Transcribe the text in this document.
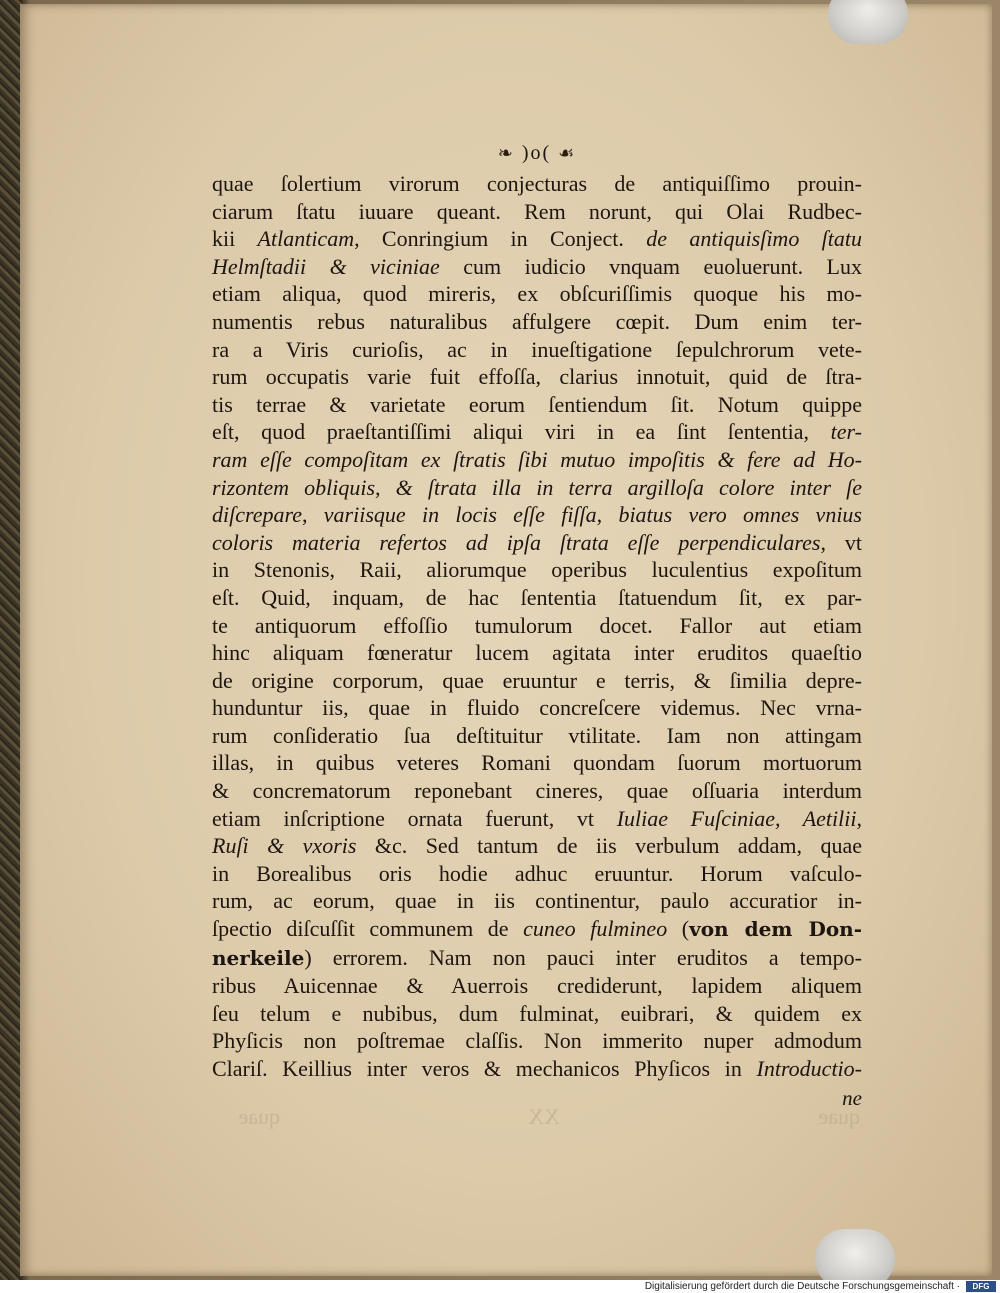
❧ )o( ☙
quae ſolertium virorum conjecturas de antiquiſſimo prouin-
ciarum ſtatu iuuare queant. Rem norunt, qui Olai Rudbec-
kii Atlanticam, Conringium in Conject. de antiquisſimo ſtatu
Helmſtadii & viciniae cum iudicio vnquam euoluerunt. Lux
etiam aliqua, quod mireris, ex obſcuriſſimis quoque his mo-
numentis rebus naturalibus affulgere cœpit. Dum enim ter-
ra a Viris curioſis, ac in inueſtigatione ſepulchrorum vete-
rum occupatis varie fuit effoſſa, clarius innotuit, quid de ſtra-
tis terrae & varietate eorum ſentiendum ſit. Notum quippe
eſt, quod praeſtantiſſimi aliqui viri in ea ſint ſententia, ter-
ram eſſe compoſitam ex ſtratis ſibi mutuo impoſitis & fere ad Ho-
rizontem obliquis, & ſtrata illa in terra argilloſa colore inter ſe
diſcrepare, variisque in locis eſſe fiſſa, biatus vero omnes vnius
coloris materia refertos ad ipſa ſtrata eſſe perpendiculares, vt
in Stenonis, Raii, aliorumque operibus luculentius expoſitum
eſt. Quid, inquam, de hac ſententia ſtatuendum ſit, ex par-
te antiquorum effoſſio tumulorum docet. Fallor aut etiam
hinc aliquam fœneratur lucem agitata inter eruditos quaeſtio
de origine corporum, quae eruuntur e terris, & ſimilia depre-
hunduntur iis, quae in fluido concreſcere videmus. Nec vrna-
rum conſideratio ſua deſtituitur vtilitate. Iam non attingam
illas, in quibus veteres Romani quondam ſuorum mortuorum
& concrematorum reponebant cineres, quae oſſuaria interdum
etiam inſcriptione ornata fuerunt, vt Iuliae Fuſciniae, Aetilii,
Ruſi & vxoris &c. Sed tantum de iis verbulum addam, quae
in Borealibus oris hodie adhuc eruuntur. Horum vaſculo-
rum, ac eorum, quae in iis continentur, paulo accuratior in-
ſpectio diſcuſſit communem de cuneo fulmineo (von dem Don-
nerkeile) errorem. Nam non pauci inter eruditos a tempo-
ribus Auicennae & Auerrois crediderunt, lapidem aliquem
ſeu telum e nubibus, dum fulminat, euibrari, & quidem ex
Phyſicis non poſtremae claſſis. Non immerito nuper admodum
Clariſ. Keillius inter veros & mechanicos Phyſicos in Introductio-
ne
quae
XX
quae
Digitalisierung gefördert durch die Deutsche Forschungsgemeinschaft ·	DFG
